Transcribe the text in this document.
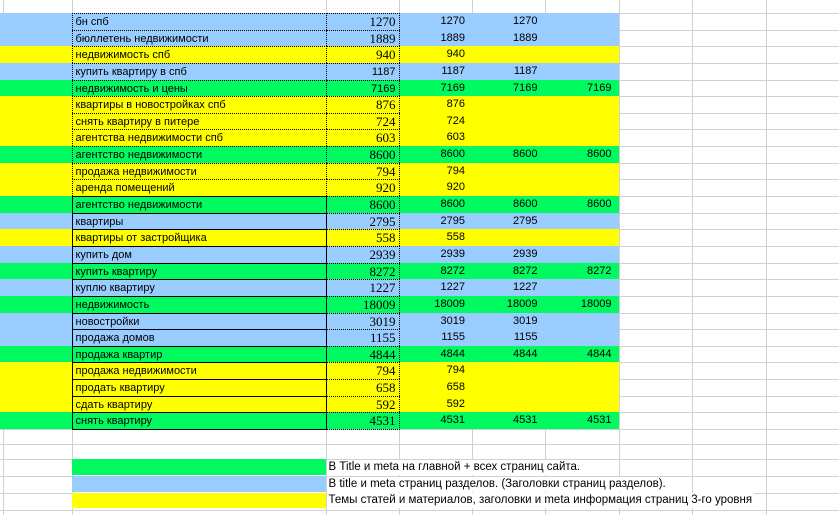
бн спб	1270	1270	1270
бюллетень недвижимости	1889	1889	1889
недвижимость спб	940	940
купить квартиру в спб	1187	1187	1187
недвижимость и цены	7169	7169	7169	7169
квартиры в новостройках спб	876	876
снять квартиру в питере	724	724
агентства недвижимости спб	603	603
агентство недвижимости	8600	8600	8600	8600
продажа недвижимости	794	794
аренда помещений	920	920
агентство недвижимости	8600	8600	8600	8600
квартиры	2795	2795	2795
квартиры от застройщика	558	558
купить дом	2939	2939	2939
купить квартиру	8272	8272	8272	8272
куплю квартиру	1227	1227	1227
недвижимость	18009	18009	18009	18009
новостройки	3019	3019	3019
продажа домов	1155	1155	1155
продажа квартир	4844	4844	4844	4844
продажа недвижимости	794	794
продать квартиру	658	658
сдать квартиру	592	592
снять квартиру	4531	4531	4531	4531
В Title и meta на главной + всех страниц сайта.
В title и meta страниц разделов. (Заголовки страниц разделов).
Темы статей и материалов, заголовки и meta информация страниц 3-го уровня
